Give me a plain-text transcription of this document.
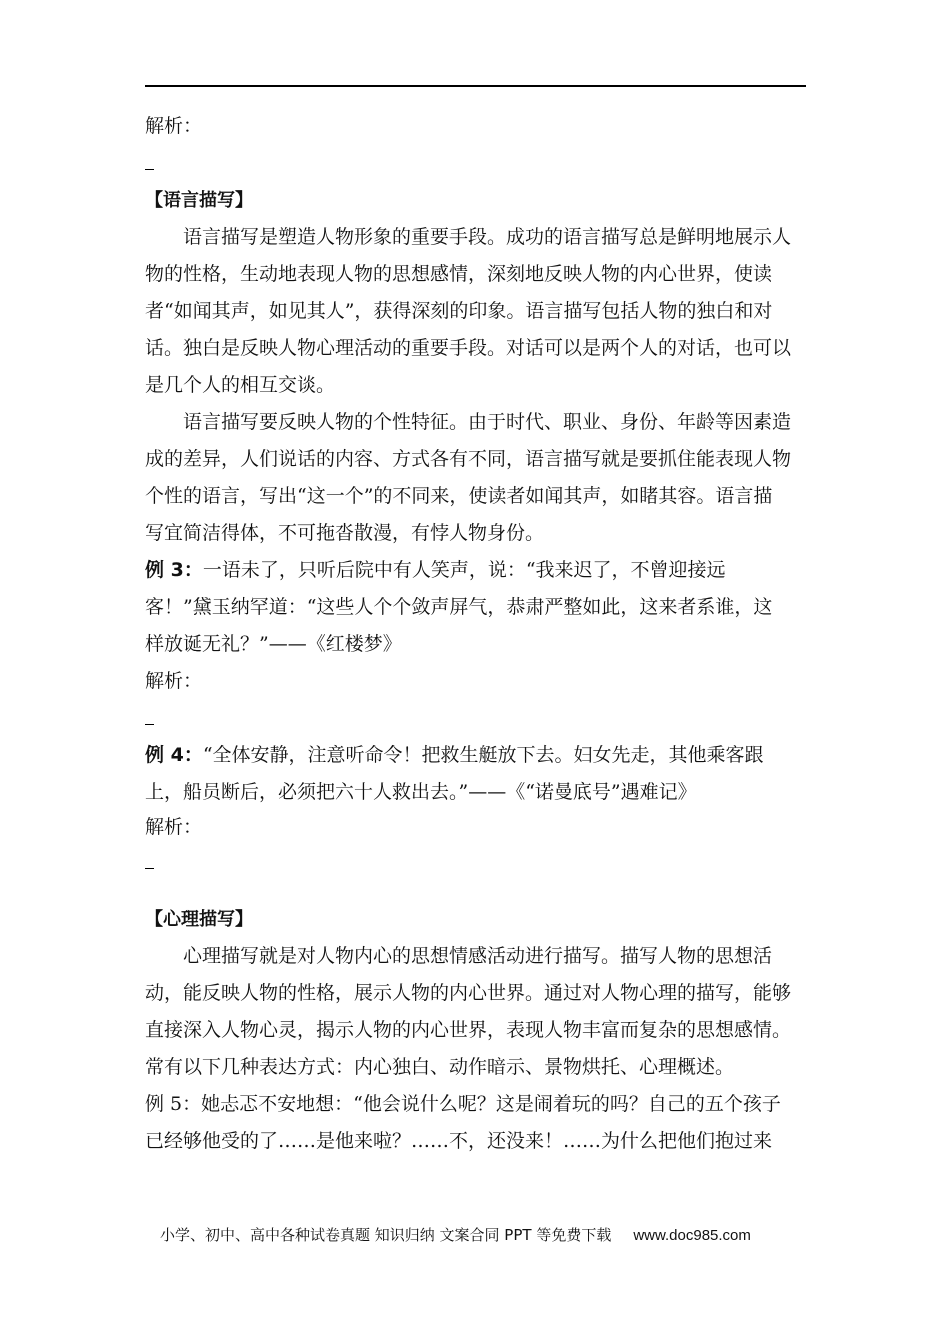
解析：
【语言描写】
语言描写是塑造人物形象的重要手段。成功的语言描写总是鲜明地展示人
物的性格，生动地表现人物的思想感情，深刻地反映人物的内心世界，使读
者“如闻其声，如见其人”，获得深刻的印象。语言描写包括人物的独白和对
话。独白是反映人物心理活动的重要手段。对话可以是两个人的对话，也可以
是几个人的相互交谈。
语言描写要反映人物的个性特征。由于时代、职业、身份、年龄等因素造
成的差异，人们说话的内容、方式各有不同，语言描写就是要抓住能表现人物
个性的语言，写出“这一个”的不同来，使读者如闻其声，如睹其容。语言描
写宜简洁得体，不可拖沓散漫，有悖人物身份。
例 3：一语未了，只听后院中有人笑声，说：“我来迟了，不曾迎接远
客！”黛玉纳罕道：“这些人个个敛声屏气，恭肃严整如此，这来者系谁，这
样放诞无礼？”——《红楼梦》
解析：
例 4：“全体安静，注意听命令！把救生艇放下去。妇女先走，其他乘客跟
上，船员断后，必须把六十人救出去。”——《“诺曼底号”遇难记》
解析：
【心理描写】
心理描写就是对人物内心的思想情感活动进行描写。描写人物的思想活
动，能反映人物的性格，展示人物的内心世界。通过对人物心理的描写，能够
直接深入人物心灵，揭示人物的内心世界，表现人物丰富而复杂的思想感情。
常有以下几种表达方式：内心独白、动作暗示、景物烘托、心理概述。
例 5：她忐忑不安地想：“他会说什么呢？这是闹着玩的吗？自己的五个孩子
已经够他受的了……是他来啦？……不，还没来！……为什么把他们抱过来
小学、初中、高中各种试卷真题 知识归纳 文案合同 PPT 等免费下载 www.doc985.com
